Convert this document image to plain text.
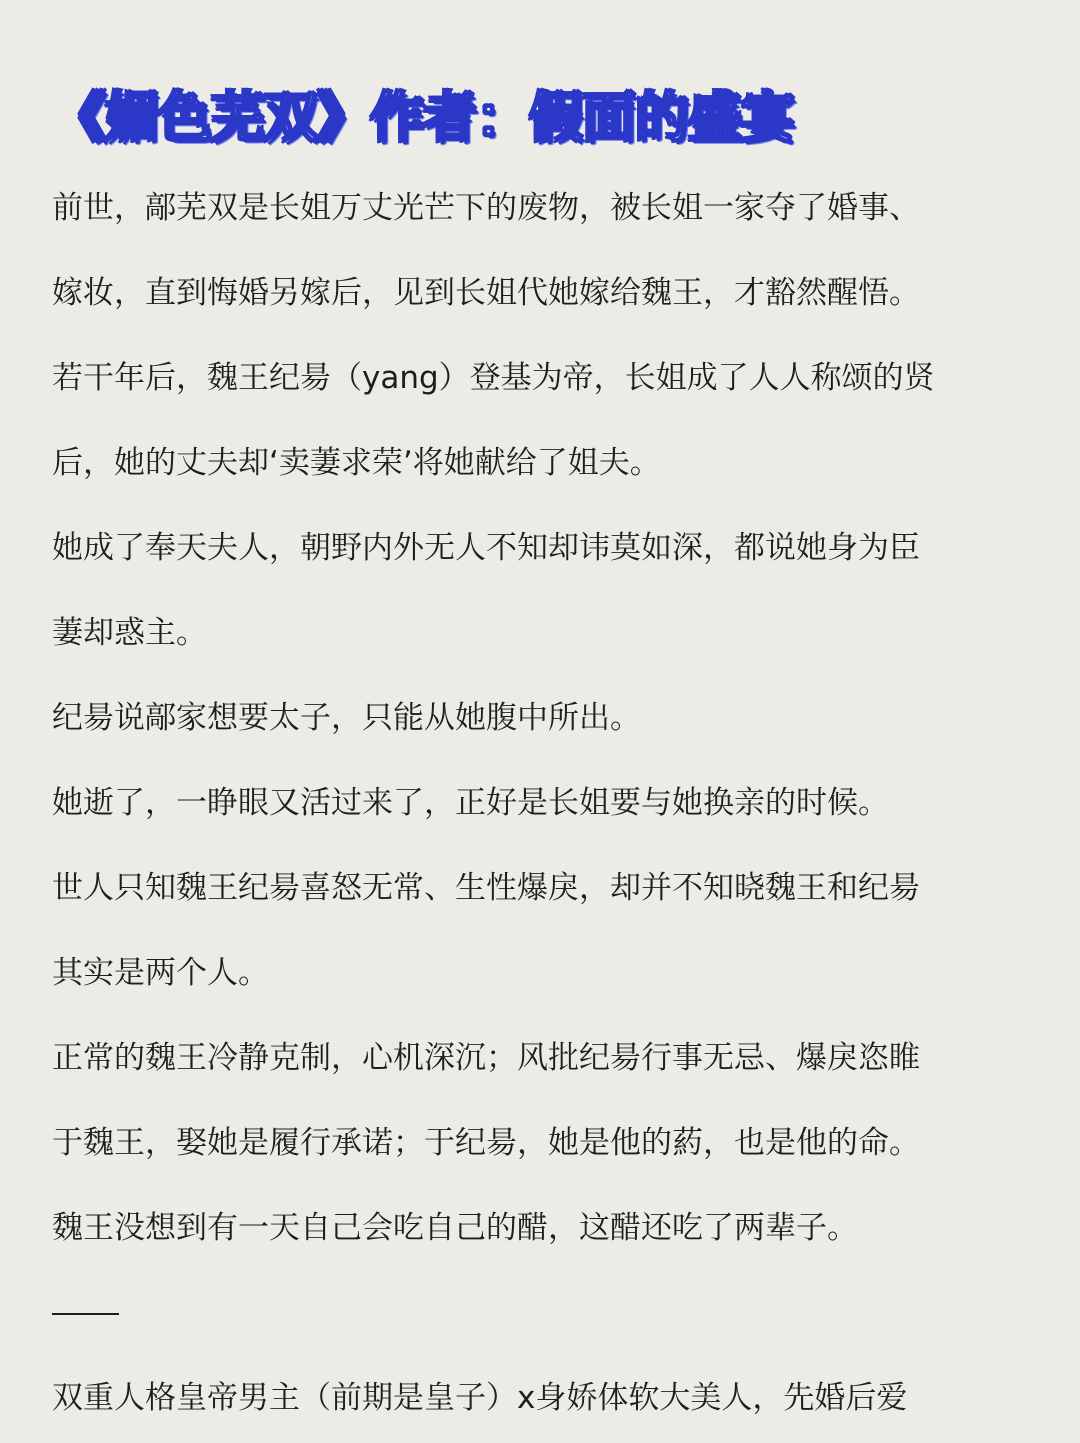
《媚色芜双》作者：假面的盛宴
前世，鄗芜双是长姐万丈光芒下的废物，被长姐一家夺了婚事、
嫁妆，直到悔婚另嫁后，见到长姐代她嫁给魏王，才豁然醒悟。
若干年后，魏王纪昜（yang）登基为帝，长姐成了人人称颂的贤
后，她的丈夫却‘卖萋求荣’将她献给了姐夫。
她成了奉天夫人，朝野内外无人不知却讳莫如深，都说她身为臣
萋却惑主。
纪昜说鄗家想要太子，只能从她腹中所出。
她逝了，一睁眼又活过来了，正好是长姐要与她换亲的时候。
世人只知魏王纪昜喜怒无常、生性爆戾，却并不知晓魏王和纪昜
其实是两个人。
正常的魏王冷静克制，心机深沉；风批纪昜行事无忌、爆戾恣睢
于魏王，娶她是履行承诺；于纪昜，她是他的葯，也是他的命。
魏王没想到有一天自己会吃自己的醋，这醋还吃了两辈子。
双重人格皇帝男主（前期是皇子）x身娇体软大美人，先婚后爱
